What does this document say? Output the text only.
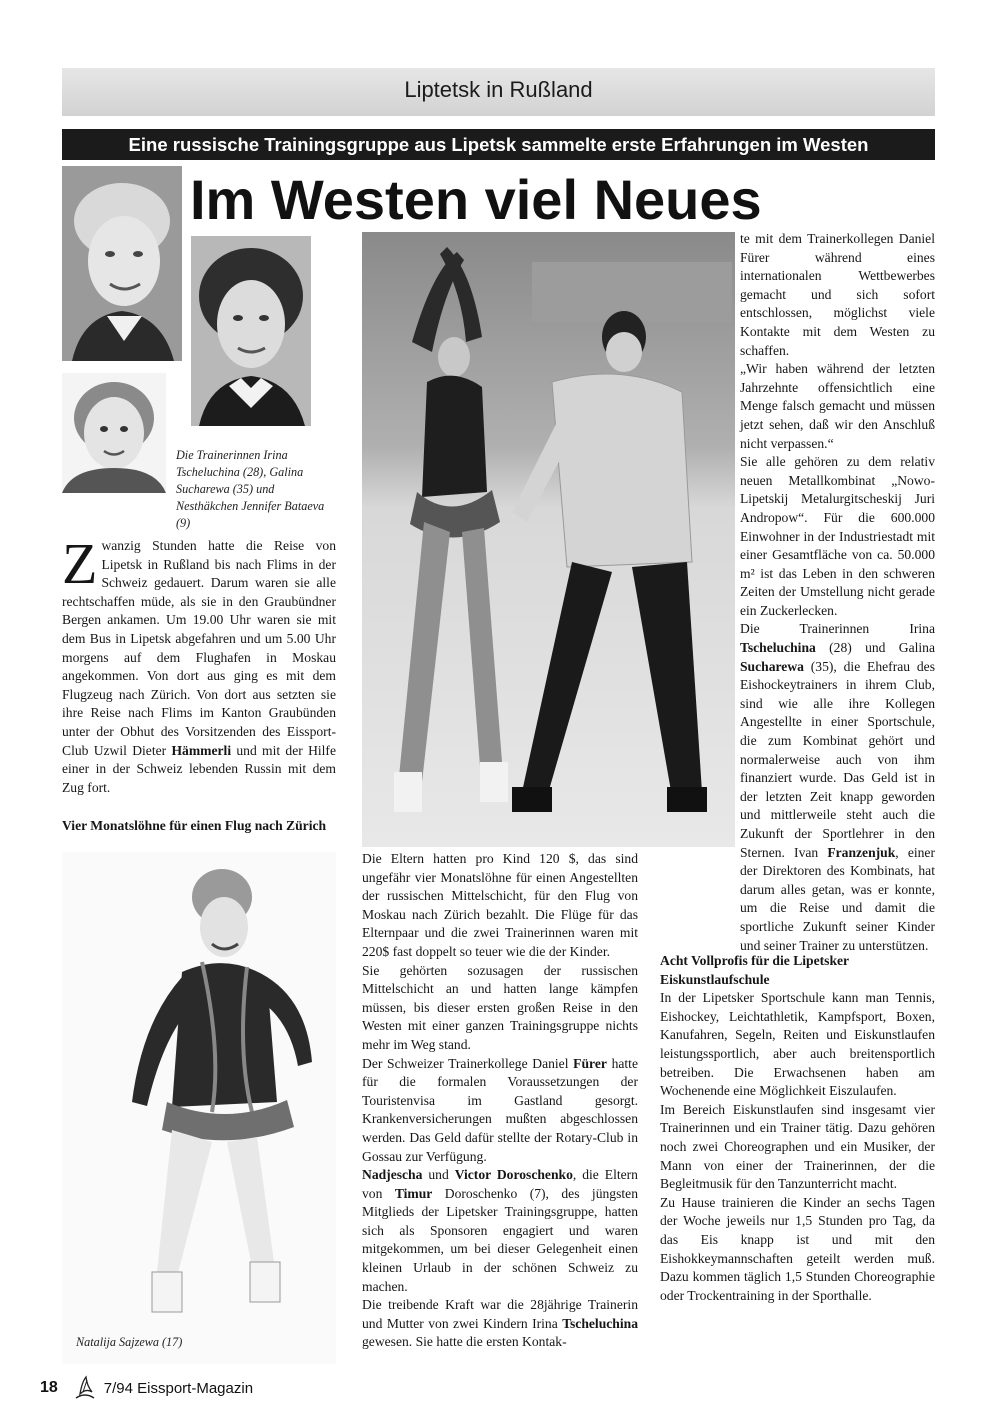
Liptetsk in Rußland
Eine russische Trainingsgruppe aus Lipetsk sammelte erste Erfahrungen im Westen
Im Westen viel Neues
Die Trainerinnen Irina Tscheluchina (28), Galina Sucharewa (35) und Nesthäkchen Jennifer Bataeva (9)

Zwanzig Stunden hatte die Reise von Lipetsk in Rußland bis nach Flims in der Schweiz gedauert. Darum waren sie alle rechtschaffen müde, als sie in den Graubündner Bergen ankamen. Um 19.00 Uhr waren sie mit dem Bus in Lipetsk abgefahren und um 5.00 Uhr morgens auf dem Flughafen in Moskau angekommen. Von dort aus ging es mit dem Flugzeug nach Zürich. Von dort aus setzten sie ihre Reise nach Flims im Kanton Graubünden unter der Obhut des Vorsitzenden des Eissport-Club Uzwil Dieter Hämmerli und mit der Hilfe einer in der Schweiz lebenden Russin mit dem Zug fort.

Vier Monatslöhne für einen Flug nach Zürich

Natalija Sajzewa (17)

Die Eltern hatten pro Kind 120 $, das sind ungefähr vier Monatslöhne für einen Angestellten der russischen Mittelschicht, für den Flug von Moskau nach Zürich bezahlt. Die Flüge für das Elternpaar und die zwei Trainerinnen waren mit 220$ fast doppelt so teuer wie die der Kinder.

Sie gehörten sozusagen der russischen Mittelschicht an und hatten lange kämpfen müssen, bis dieser ersten großen Reise in den Westen mit einer ganzen Trainingsgruppe nichts mehr im Weg stand.

Der Schweizer Trainerkollege Daniel Fürer hatte für die formalen Voraussetzungen der Touristenvisa im Gastland gesorgt. Krankenversicherungen mußten abgeschlossen werden. Das Geld dafür stellte der Rotary-Club in Gossau zur Verfügung.

Nadjescha und Victor Doroschenko, die Eltern von Timur Doroschenko (7), des jüngsten Mitglieds der Lipetsker Trainingsgruppe, hatten sich als Sponsoren engagiert und waren mitgekommen, um bei dieser Gelegenheit einen kleinen Urlaub in der schönen Schweiz zu machen.

Die treibende Kraft war die 28jährige Trainerin und Mutter von zwei Kindern Irina Tscheluchina gewesen. Sie hatte die ersten Kontak-

te mit dem Trainerkollegen Daniel Fürer während eines internationalen Wettbewerbes gemacht und sich sofort entschlossen, möglichst viele Kontakte mit dem Westen zu schaffen.

„Wir haben während der letzten Jahrzehnte offensichtlich eine Menge falsch gemacht und müssen jetzt sehen, daß wir den Anschluß nicht verpassen.“

Sie alle gehören zu dem relativ neuen Metallkombinat „Nowo-Lipetskij Metalurgitscheskij Juri Andropow“. Für die 600.000 Einwohner in der Industriestadt mit einer Gesamtfläche von ca. 50.000 m² ist das Leben in den schweren Zeiten der Umstellung nicht gerade ein Zuckerlecken.

Die Trainerinnen Irina Tscheluchina (28) und Galina Sucharewa (35), die Ehefrau des Eishockeytrainers in ihrem Club, sind wie alle ihre Kollegen Angestellte in einer Sportschule, die zum Kombinat gehört und normalerweise auch von ihm finanziert wurde. Das Geld ist in der letzten Zeit knapp geworden und mittlerweile steht auch die Zukunft der Sportlehrer in den Sternen. Ivan Franzenjuk, einer der Direktoren des Kombinats, hat darum alles getan, was er konnte, um die Reise und damit die sportliche Zukunft seiner Kinder und seiner Trainer zu unterstützen.

Acht Vollprofis für die Lipetsker Eiskunstlaufschule

In der Lipetsker Sportschule kann man Tennis, Eishockey, Leichtathletik, Kampfsport, Boxen, Kanufahren, Segeln, Reiten und Eiskunstlaufen leistungssportlich, aber auch breitensportlich betreiben. Die Erwachsenen haben am Wochenende eine Möglichkeit Eiszulaufen.

Im Bereich Eiskunstlaufen sind insgesamt vier Trainerinnen und ein Trainer tätig. Dazu gehören noch zwei Choreographen und ein Musiker, der Mann von einer der Trainerinnen, der die Begleitmusik für den Tanzunterricht macht.

Zu Hause trainieren die Kinder an sechs Tagen der Woche jeweils nur 1,5 Stunden pro Tag, da das Eis knapp ist und mit den Eishokkeymannschaften geteilt werden muß. Dazu kommen täglich 1,5 Stunden Choreographie oder Trockentraining in der Sporthalle.

18	7/94 Eissport-Magazin
